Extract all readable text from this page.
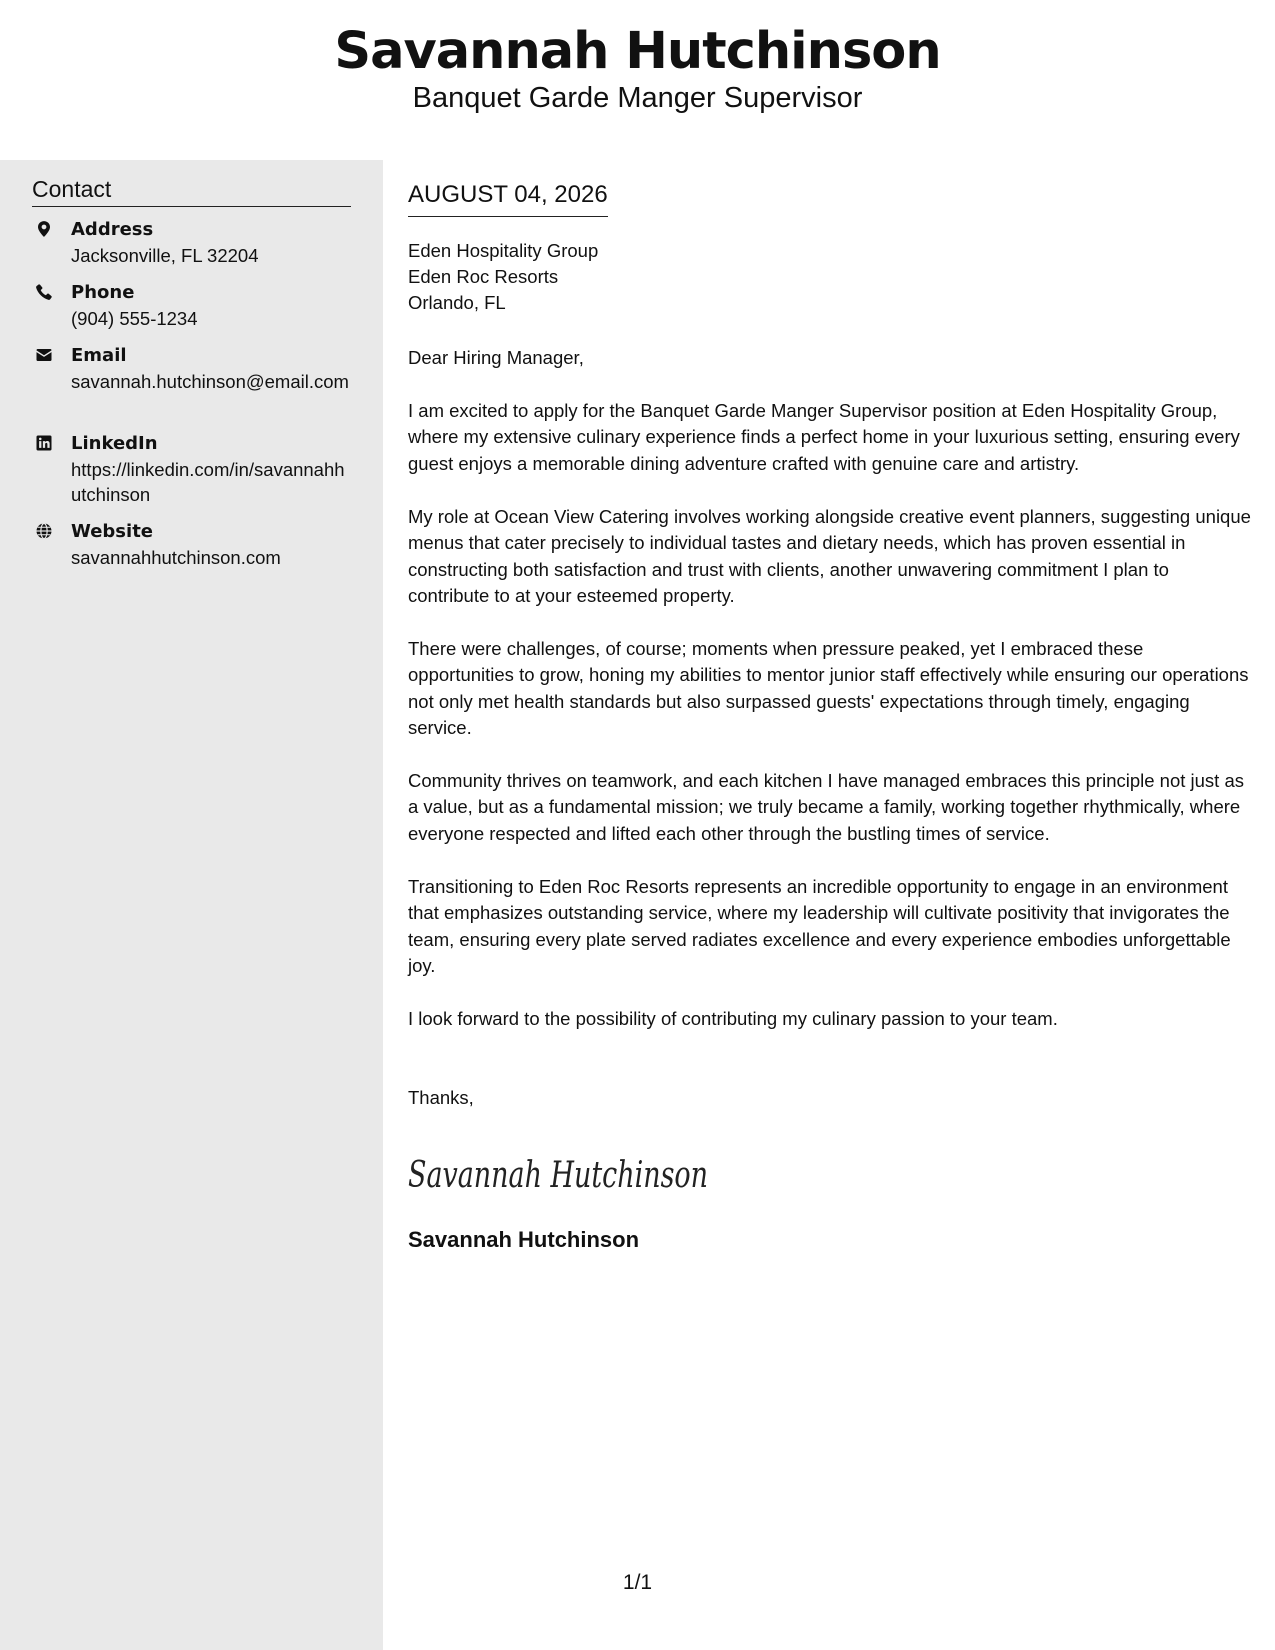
Savannah Hutchinson
Banquet Garde Manger Supervisor
Contact
Address
Jacksonville, FL 32204
Phone
(904) 555-1234
Email
savannah.hutchinson@email.com
LinkedIn
https://linkedin.com/in/savannahhutchinson
Website
savannahhutchinson.com
AUGUST 04, 2026
Eden Hospitality Group
Eden Roc Resorts
Orlando, FL
Dear Hiring Manager,
I am excited to apply for the Banquet Garde Manger Supervisor position at Eden Hospitality Group, where my extensive culinary experience finds a perfect home in your luxurious setting, ensuring every guest enjoys a memorable dining adventure crafted with genuine care and artistry.
My role at Ocean View Catering involves working alongside creative event planners, suggesting unique menus that cater precisely to individual tastes and dietary needs, which has proven essential in constructing both satisfaction and trust with clients, another unwavering commitment I plan to contribute to at your esteemed property.
There were challenges, of course; moments when pressure peaked, yet I embraced these opportunities to grow, honing my abilities to mentor junior staff effectively while ensuring our operations not only met health standards but also surpassed guests' expectations through timely, engaging service.
Community thrives on teamwork, and each kitchen I have managed embraces this principle not just as a value, but as a fundamental mission; we truly became a family, working together rhythmically, where everyone respected and lifted each other through the bustling times of service.
Transitioning to Eden Roc Resorts represents an incredible opportunity to engage in an environment that emphasizes outstanding service, where my leadership will cultivate positivity that invigorates the team, ensuring every plate served radiates excellence and every experience embodies unforgettable joy.
I look forward to the possibility of contributing my culinary passion to your team.
Thanks,
Savannah Hutchinson
Savannah Hutchinson
1/1
